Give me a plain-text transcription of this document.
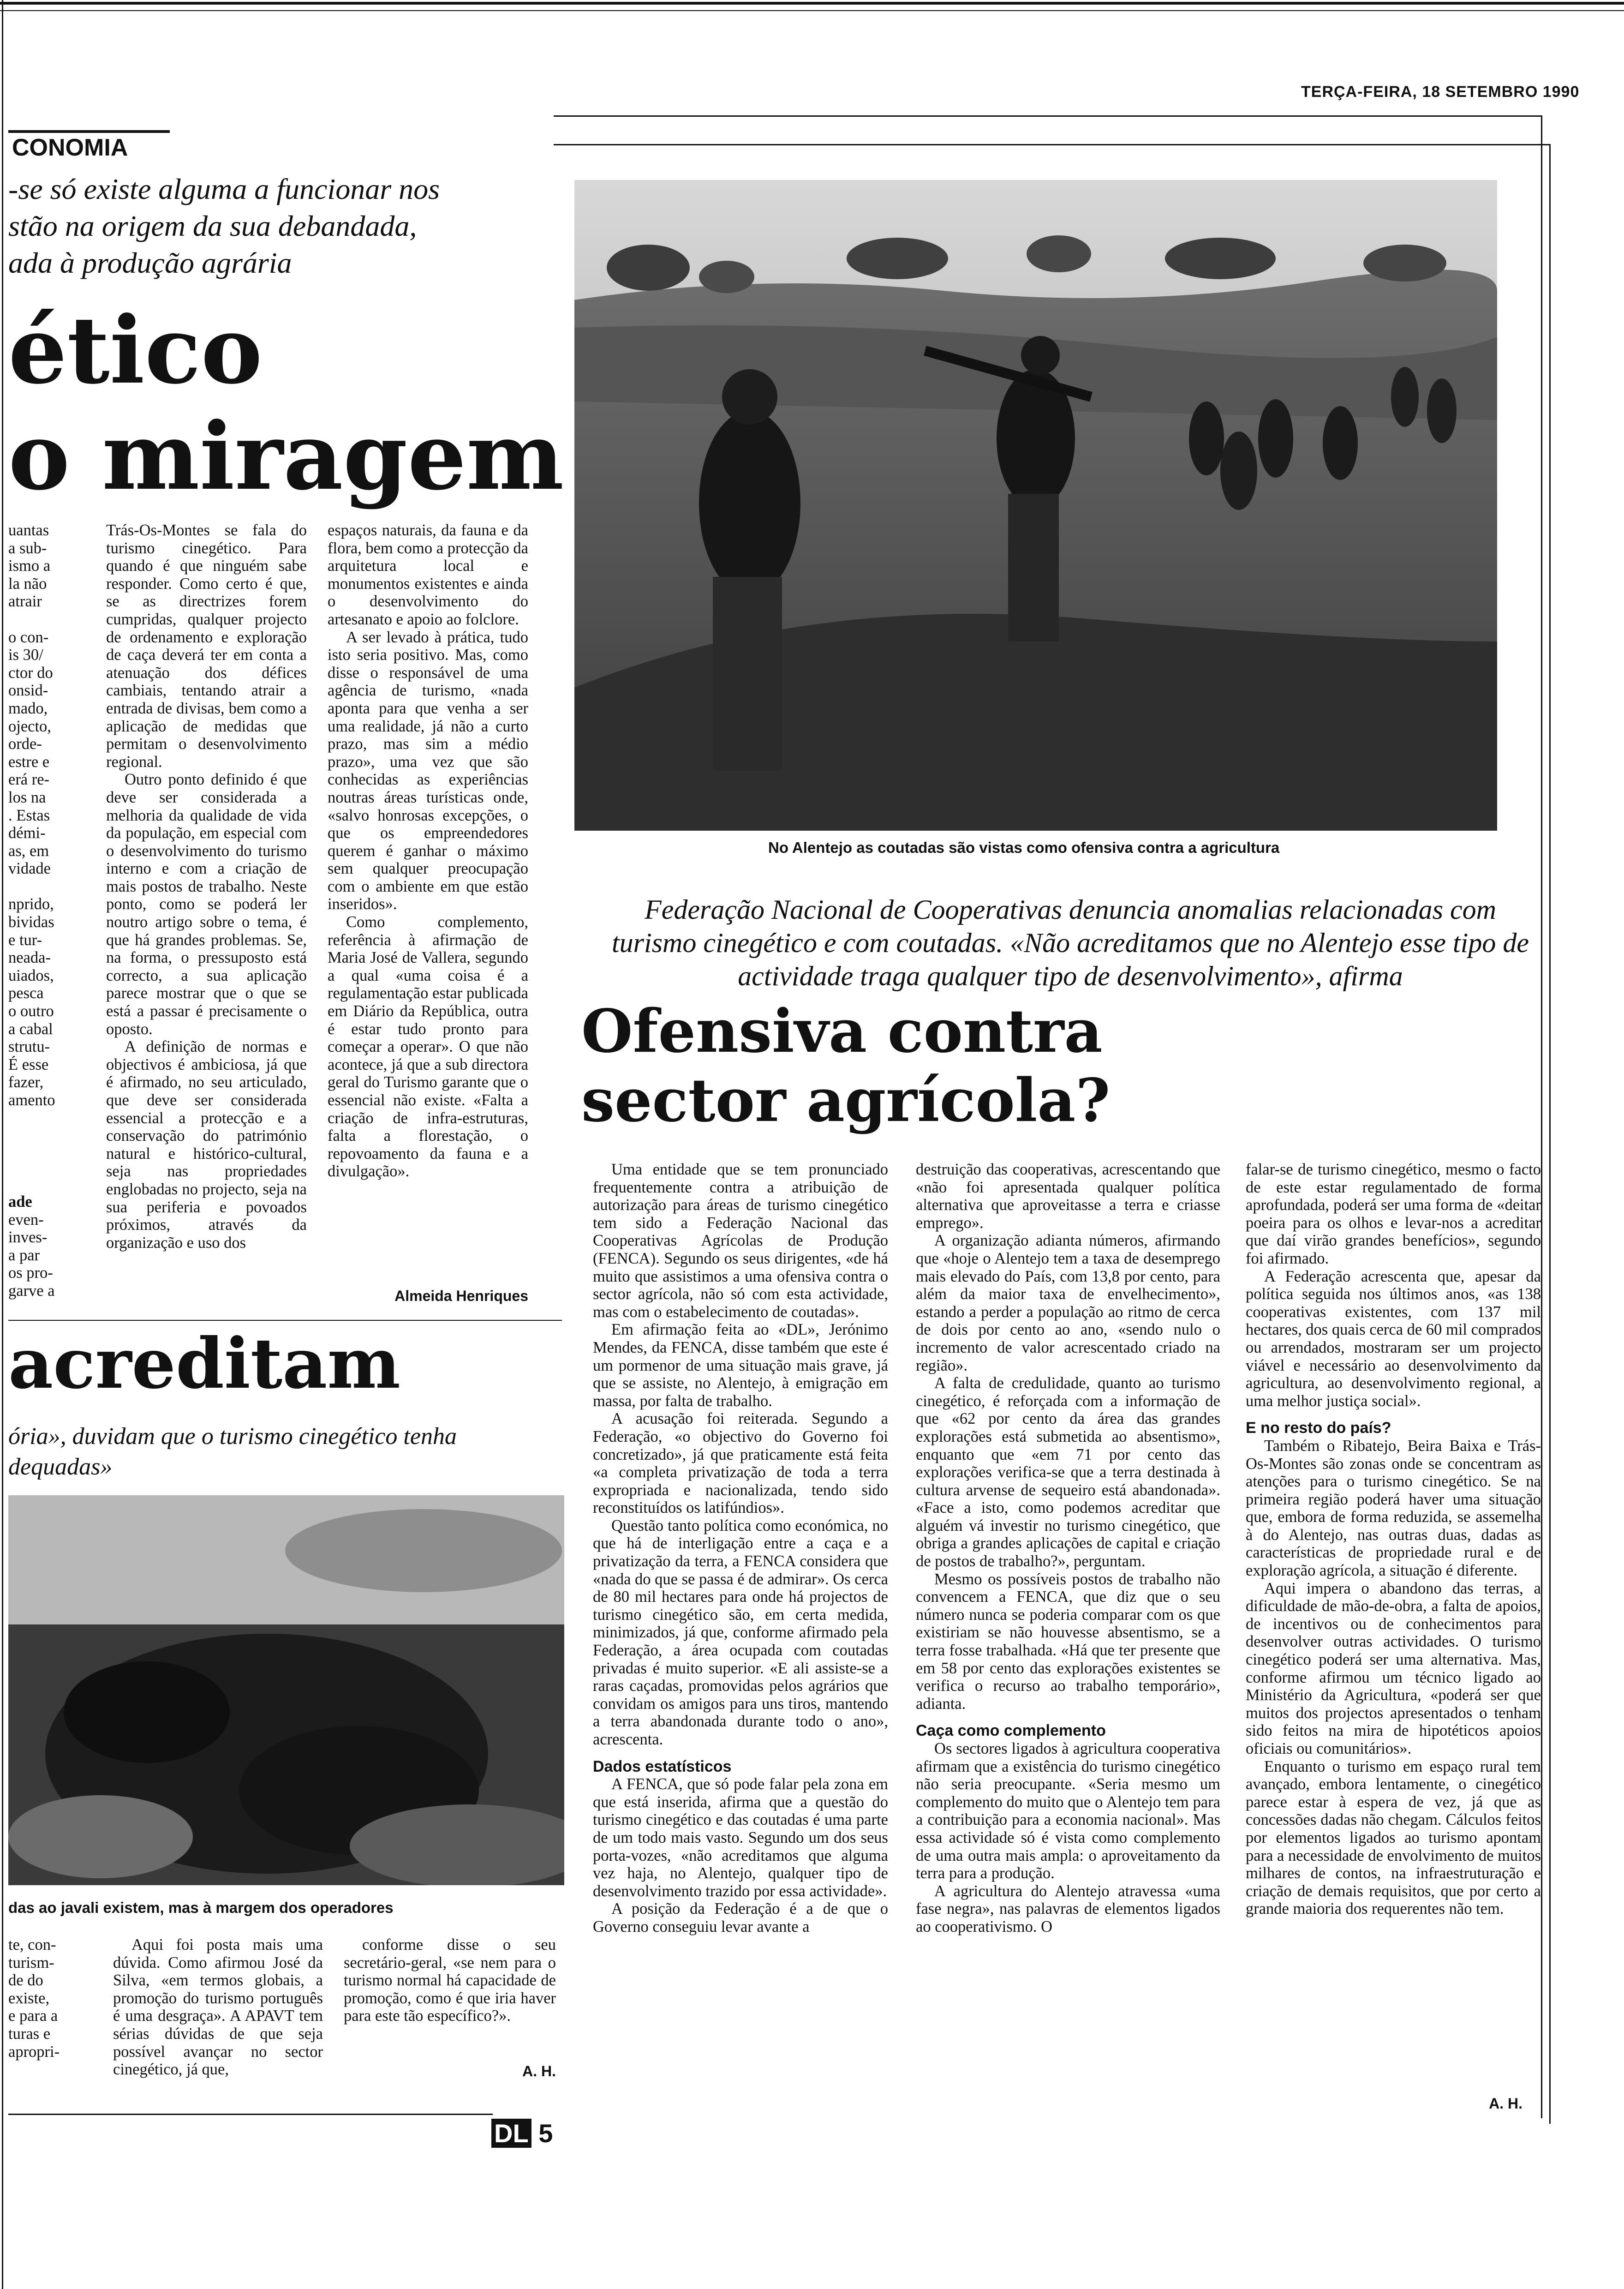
TERÇA-FEIRA, 18 SETEMBRO 1990
CONOMIA
-se só existe alguma a funcionar nos
stão na origem da sua debandada,
ada à produção agrária
ético
o miragem
uantas
a sub-
ismo a
la não
atrair

o con-
is 30/
ctor do
onsid-
mado,
ojecto,
orde-
estre e
erá re-
los na
. Estas
démi-
as, em
vidade

npridо,
bividas
e tur-
neada-
uiados,
pesca
o outro
a cabal
strutu-
É esse
fazer,
amento
ade
even-
invеs-
a par
os pro-
garve a

Trás-Os-Montes se fala do turismo cinegético. Para quando é que ninguém sabe responder. Como certo é que, se as directrizes forem cumpridas, qualquer projecto de ordenamento e exploração de caça deverá ter em conta a atenuação dos défices cambiais, tentando atrair a entrada de divisas, bem como a aplicação de medidas que permitam o desenvolvimento regional.

Outro ponto definido é que deve ser considerada a melhoria da qualidade de vida da população, em especial com o desenvolvimento do turismo interno e com a criação de mais postos de trabalho. Neste ponto, como se poderá ler noutro artigo sobre o tema, é que há grandes problemas. Se, na forma, o pressuposto está correcto, a sua aplicação parece mostrar que o que se está a passar é precisamente o oposto.

A definição de normas e objectivos é ambiciosa, já que é afirmado, no seu articulado, que deve ser considerada essencial a protecção e a conservação do património natural e histórico-cultural, seja nas propriedades englobadas no projecto, seja na sua periferia e povoados próximos, através da organização e uso dos

espaços naturais, da fauna e da flora, bem como a protecção da arquitetura local e monumentos existentes e ainda o desenvolvimento do artesanato e apoio ao folclore.

A ser levado à prática, tudo isto seria positivo. Mas, como disse o responsável de uma agência de turismo, «nada aponta para que venha a ser uma realidade, já não a curto prazo, mas sim a médio prazo», uma vez que são conhecidas as experiências noutras áreas turísticas onde, «salvo honrosas excepções, o que os empreendedores querem é ganhar o máximo sem qualquer preocupação com o ambiente em que estão inseridos».

Como complemento, referência à afirmação de Maria José de Vallera, segundo a qual «uma coisa é a regulamentação estar publicada em Diário da República, outra é estar tudo pronto para começar a operar». O que não acontece, já que a sub directora geral do Turismo garante que o essencial não existe. «Falta a criação de infra-estruturas, falta a florestação, o repovoamento da fauna e a divulgação».

Almeida Henriques
acreditam
ória», duvidam que o turismo cinegético tenha
dequadas»
das ao javali existem, mas à margem dos operadores
te, con-
turism-
de do
existe,
e para a
turas e
apropri-

Aqui foi posta mais uma dúvida. Como afirmou José da Silva, «em termos globais, a promoção do turismo português é uma desgraça». A APAVT tem sérias dúvidas de que seja possível avançar no sector cinegético, já que,

conforme disse o seu secretário-geral, «se nem para o turismo normal há capacidade de promoção, como é que iria haver para este tão específico?».

A. H.
DL 5
No Alentejo as coutadas são vistas como ofensiva contra a agricultura
Federação Nacional de Cooperativas denuncia anomalias relacionadas com turismo cinegético e com coutadas. «Não acreditamos que no Alentejo esse tipo de actividade traga qualquer tipo de desenvolvimento», afirma
Ofensiva contra
sector agrícola?

Uma entidade que se tem pronunciado frequentemente contra a atribuição de autorização para áreas de turismo cinegético tem sido a Federação Nacional das Cooperativas Agrícolas de Produção (FENCA). Segundo os seus dirigentes, «de há muito que assistimos a uma ofensiva contra o sector agrícola, não só com esta actividade, mas com o estabelecimento de coutadas».

Em afirmação feita ao «DL», Jerónimo Mendes, da FENCA, disse também que este é um pormenor de uma situação mais grave, já que se assiste, no Alentejo, à emigração em massa, por falta de trabalho.

A acusação foi reiterada. Segundo a Federação, «o objectivo do Governo foi concretizado», já que praticamente está feita «a completa privatização de toda a terra expropriada e nacionalizada, tendo sido reconstituídos os latifúndios».

Questão tanto política como económica, no que há de interligação entre a caça e a privatização da terra, a FENCA considera que «nada do que se passa é de admirar». Os cerca de 80 mil hectares para onde há projectos de turismo cinegético são, em certa medida, minimizados, já que, conforme afirmado pela Federação, a área ocupada com coutadas privadas é muito superior. «E ali assiste-se a raras caçadas, promovidas pelos agrários que convidam os amigos para uns tiros, mantendo a terra abandonada durante todo o ano», acrescenta.

Dados estatísticos

A FENCA, que só pode falar pela zona em que está inserida, afirma que a questão do turismo cinegético e das coutadas é uma parte de um todo mais vasto. Segundo um dos seus porta-vozes, «não acreditamos que alguma vez haja, no Alentejo, qualquer tipo de desenvolvimento trazido por essa actividade».

A posição da Federação é a de que o Governo conseguiu levar avante a

destruição das cooperativas, acrescentando que «não foi apresentada qualquer política alternativa que aproveitasse a terra e criasse emprego».

A organização adianta números, afirmando que «hoje o Alentejo tem a taxa de desemprego mais elevado do País, com 13,8 por cento, para além da maior taxa de envelhecimento», estando a perder a população ao ritmo de cerca de dois por cento ao ano, «sendo nulo o incremento de valor acrescentado criado na região».

A falta de credulidade, quanto ao turismo cinegético, é reforçada com a informação de que «62 por cento da área das grandes explorações está submetida ao absentismo», enquanto que «em 71 por cento das explorações verifica-se que a terra destinada à cultura arvense de sequeiro está abandonada». «Face a isto, como podemos acreditar que alguém vá investir no turismo cinegético, que obriga a grandes aplicações de capital e criação de postos de trabalho?», perguntam.

Mesmo os possíveis postos de trabalho não convencem a FENCA, que diz que o seu número nunca se poderia comparar com os que existiriam se não houvesse absentismo, se a terra fosse trabalhada. «Há que ter presente que em 58 por cento das explorações existentes se verifica o recurso ao trabalho temporário», adianta.

Caça como complemento

Os sectores ligados à agricultura cooperativa afirmam que a existência do turismo cinegético não seria preocupante. «Seria mesmo um complemento do muito que o Alentejo tem para a contribuição para a economia nacional». Mas essa actividade só é vista como complemento de uma outra mais ampla: o aproveitamento da terra para a produção.

A agricultura do Alentejo atravessa «uma fase negra», nas palavras de elementos ligados ao cooperativismo. O

falar-se de turismo cinegético, mesmo o facto de este estar regulamentado de forma aprofundada, poderá ser uma forma de «deitar poeira para os olhos e levar-nos a acreditar que daí virão grandes benefícios», segundo foi afirmado.

A Federação acrescenta que, apesar da política seguida nos últimos anos, «as 138 cooperativas existentes, com 137 mil hectares, dos quais cerca de 60 mil comprados ou arrendados, mostraram ser um projecto viável e necessário ao desenvolvimento da agricultura, ao desenvolvimento regional, a uma melhor justiça social».

E no resto do país?

Também o Ribatejo, Beira Baixa e Trás-Os-Montes são zonas onde se concentram as atenções para o turismo cinegético. Se na primeira região poderá haver uma situação que, embora de forma reduzida, se assemelha à do Alentejo, nas outras duas, dadas as características de propriedade rural e de exploração agrícola, a situação é diferente.

Aqui impera o abandono das terras, a dificuldade de mão-de-obra, a falta de apoios, de incentivos ou de conhecimentos para desenvolver outras actividades. O turismo cinegético poderá ser uma alternativa. Mas, conforme afirmou um técnico ligado ao Ministério da Agricultura, «poderá ser que muitos dos projectos apresentados o tenham sido feitos na mira de hipotéticos apoios oficiais ou comunitários».

Enquanto o turismo em espaço rural tem avançado, embora lentamente, o cinegético parece estar à espera de vez, já que as concessões dadas não chegam. Cálculos feitos por elementos ligados ao turismo apontam para a necessidade de envolvimento de muitos milhares de contos, na infraestruturação e criação de demais requisitos, que por certo a grande maioria dos requerentes não tem.

A. H.
